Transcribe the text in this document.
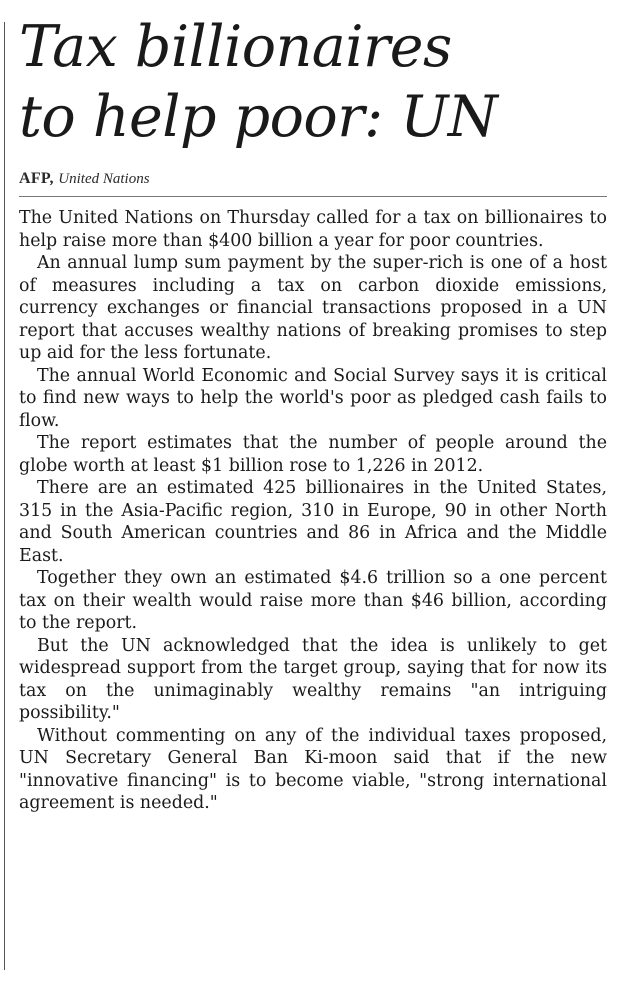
Tax billionaires
to help poor: UN
AFP, United Nations

The United Nations on Thursday called for a tax on billionaires to help raise more than $400 billion a year for poor countries.

An annual lump sum payment by the super-rich is one of a host of measures including a tax on carbon dioxide emissions, currency exchanges or financial transactions proposed in a UN report that accuses wealthy nations of breaking promises to step up aid for the less fortunate.

The annual World Economic and Social Survey says it is critical to find new ways to help the world's poor as pledged cash fails to flow.

The report estimates that the number of people around the globe worth at least $1 billion rose to 1,226 in 2012.

There are an estimated 425 billionaires in the United States, 315 in the Asia-Pacific region, 310 in Europe, 90 in other North and South American countries and 86 in Africa and the Middle East.

Together they own an estimated $4.6 trillion so a one percent tax on their wealth would raise more than $46 billion, according to the report.

But the UN acknowledged that the idea is unlikely to get widespread support from the target group, saying that for now its tax on the unimaginably wealthy remains "an intriguing possibility."

Without commenting on any of the individual taxes proposed, UN Secretary General Ban Ki-moon said that if the new "innovative financing" is to become viable, "strong international agreement is needed."
